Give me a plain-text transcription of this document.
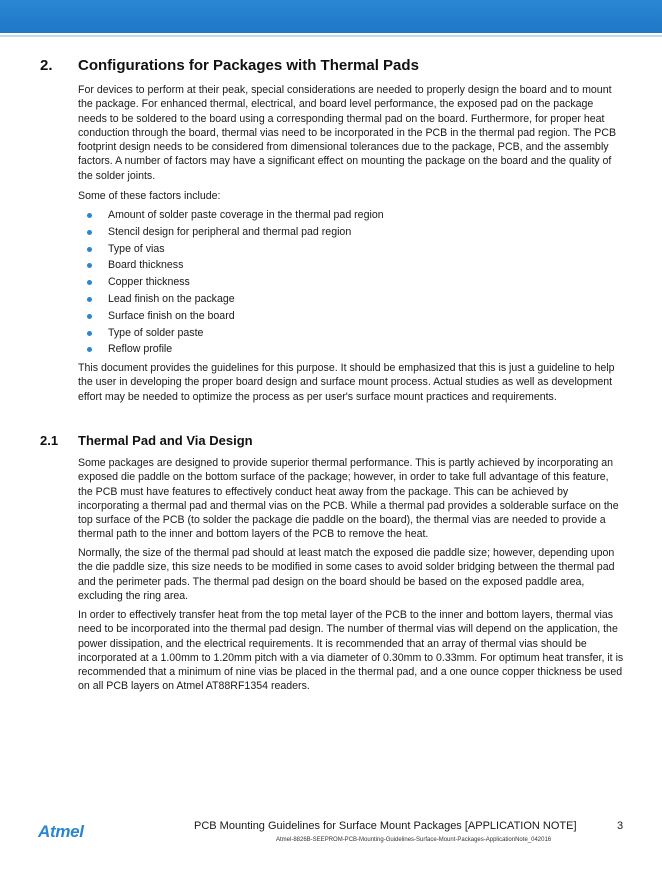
2. Configurations for Packages with Thermal Pads

For devices to perform at their peak, special considerations are needed to properly design the board and to mount the package. For enhanced thermal, electrical, and board level performance, the exposed pad on the package needs to be soldered to the board using a corresponding thermal pad on the board. Furthermore, for proper heat conduction through the board, thermal vias need to be incorporated in the PCB in the thermal pad region. The PCB footprint design needs to be considered from dimensional tolerances due to the package, PCB, and the assembly factors. A number of factors may have a significant effect on mounting the package on the board and the quality of the solder joints.

Some of these factors include:

Amount of solder paste coverage in the thermal pad region
Stencil design for peripheral and thermal pad region
Type of vias
Board thickness
Copper thickness
Lead finish on the package
Surface finish on the board
Type of solder paste
Reflow profile

This document provides the guidelines for this purpose. It should be emphasized that this is just a guideline to help the user in developing the proper board design and surface mount process. Actual studies as well as development effort may be needed to optimize the process as per user's surface mount practices and requirements.

2.1 Thermal Pad and Via Design

Some packages are designed to provide superior thermal performance. This is partly achieved by incorporating an exposed die paddle on the bottom surface of the package; however, in order to take full advantage of this feature, the PCB must have features to effectively conduct heat away from the package. This can be achieved by incorporating a thermal pad and thermal vias on the PCB. While a thermal pad provides a solderable surface on the top surface of the PCB (to solder the package die paddle on the board), the thermal vias are needed to provide a thermal path to the inner and bottom layers of the PCB to remove the heat.

Normally, the size of the thermal pad should at least match the exposed die paddle size; however, depending upon the die paddle size, this size needs to be modified in some cases to avoid solder bridging between the thermal pad and the perimeter pads. The thermal pad design on the board should be based on the exposed paddle area, excluding the ring area.

In order to effectively transfer heat from the top metal layer of the PCB to the inner and bottom layers, thermal vias need to be incorporated into the thermal pad design. The number of thermal vias will depend on the application, the power dissipation, and the electrical requirements. It is recommended that an array of thermal vias should be incorporated at a 1.00mm to 1.20mm pitch with a via diameter of 0.30mm to 0.33mm. For optimum heat transfer, it is recommended that a minimum of nine vias be placed in the thermal pad, and a one ounce copper thickness be used on all PCB layers on Atmel AT88RF1354 readers.

Atmel	PCB Mounting Guidelines for Surface Mount Packages [APPLICATION NOTE]	3
Atmel-8826B-SEEPROM-PCB-Mounting-Guidelines-Surface-Mount-Packages-ApplicationNote_042016
